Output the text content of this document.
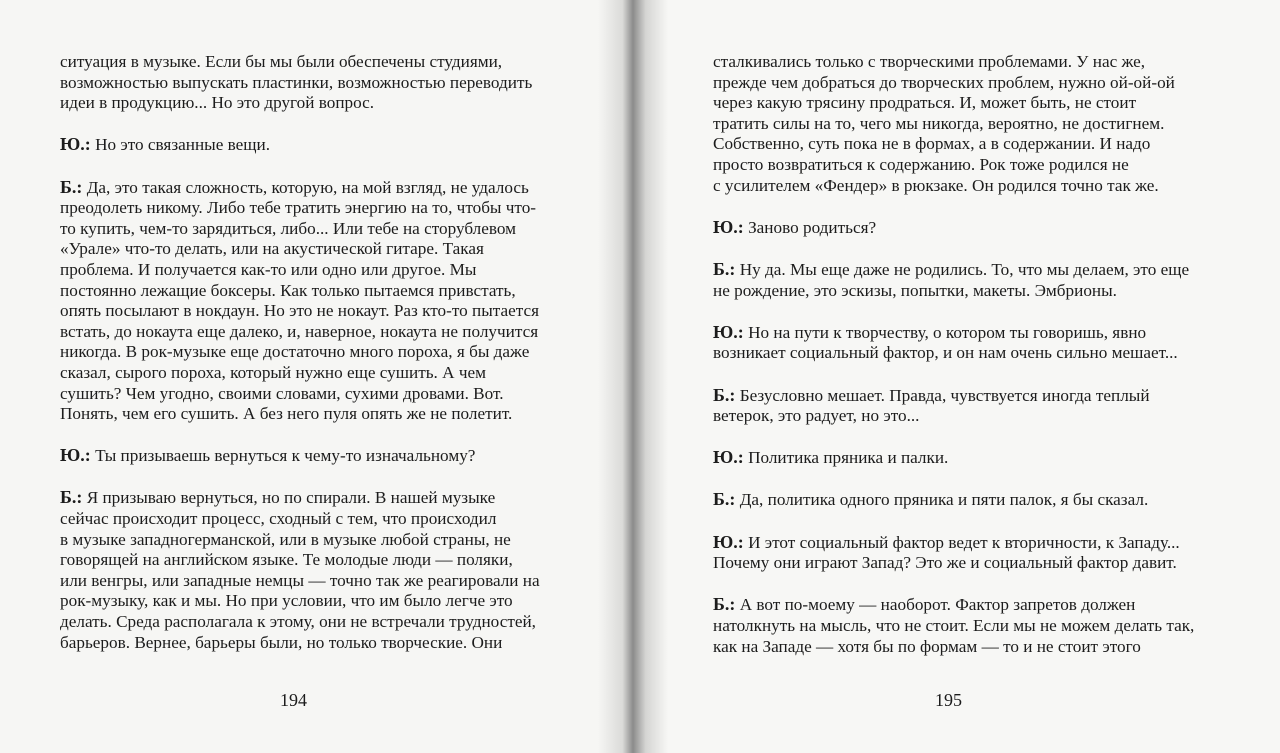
ситуация в музыке. Если бы мы были обеспечены студиями,
возможностью выпускать пластинки, возможностью переводить
идеи в продукцию... Но это другой вопрос.
Ю.: Но это связанные вещи.
Б.: Да, это такая сложность, которую, на мой взгляд, не удалось
преодолеть никому. Либо тебе тратить энергию на то, чтобы что-
то купить, чем-то зарядиться, либо... Или тебе на сторублевом
«Урале» что-то делать, или на акустической гитаре. Такая
проблема. И получается как-то или одно или другое. Мы
постоянно лежащие боксеры. Как только пытаемся привстать,
опять посылают в нокдаун. Но это не нокаут. Раз кто-то пытается
встать, до нокаута еще далеко, и, наверное, нокаута не получится
никогда. В рок-музыке еще достаточно много пороха, я бы даже
сказал, сырого пороха, который нужно еще сушить. А чем
сушить? Чем угодно, своими словами, сухими дровами. Вот.
Понять, чем его сушить. А без него пуля опять же не полетит.
Ю.: Ты призываешь вернуться к чему-то изначальному?
Б.: Я призываю вернуться, но по спирали. В нашей музыке
сейчас происходит процесс, сходный с тем, что происходил
в музыке западногерманской, или в музыке любой страны, не
говорящей на английском языке. Те молодые люди — поляки,
или венгры, или западные немцы — точно так же реагировали на
рок-музыку, как и мы. Но при условии, что им было легче это
делать. Среда располагала к этому, они не встречали трудностей,
барьеров. Вернее, барьеры были, но только творческие. Они
194
сталкивались только с творческими проблемами. У нас же,
прежде чем добраться до творческих проблем, нужно ой-ой-ой
через какую трясину продраться. И, может быть, не стоит
тратить силы на то, чего мы никогда, вероятно, не достигнем.
Собственно, суть пока не в формах, а в содержании. И надо
просто возвратиться к содержанию. Рок тоже родился не
с усилителем «Фендер» в рюкзаке. Он родился точно так же.
Ю.: Заново родиться?
Б.: Ну да. Мы еще даже не родились. То, что мы делаем, это еще
не рождение, это эскизы, попытки, макеты. Эмбрионы.
Ю.: Но на пути к творчеству, о котором ты говоришь, явно
возникает социальный фактор, и он нам очень сильно мешает...
Б.: Безусловно мешает. Правда, чувствуется иногда теплый
ветерок, это радует, но это...
Ю.: Политика пряника и палки.
Б.: Да, политика одного пряника и пяти палок, я бы сказал.
Ю.: И этот социальный фактор ведет к вторичности, к Западу...
Почему они играют Запад? Это же и социальный фактор давит.
Б.: А вот по-моему — наоборот. Фактор запретов должен
натолкнуть на мысль, что не стоит. Если мы не можем делать так,
как на Западе — хотя бы по формам — то и не стоит этого
195
